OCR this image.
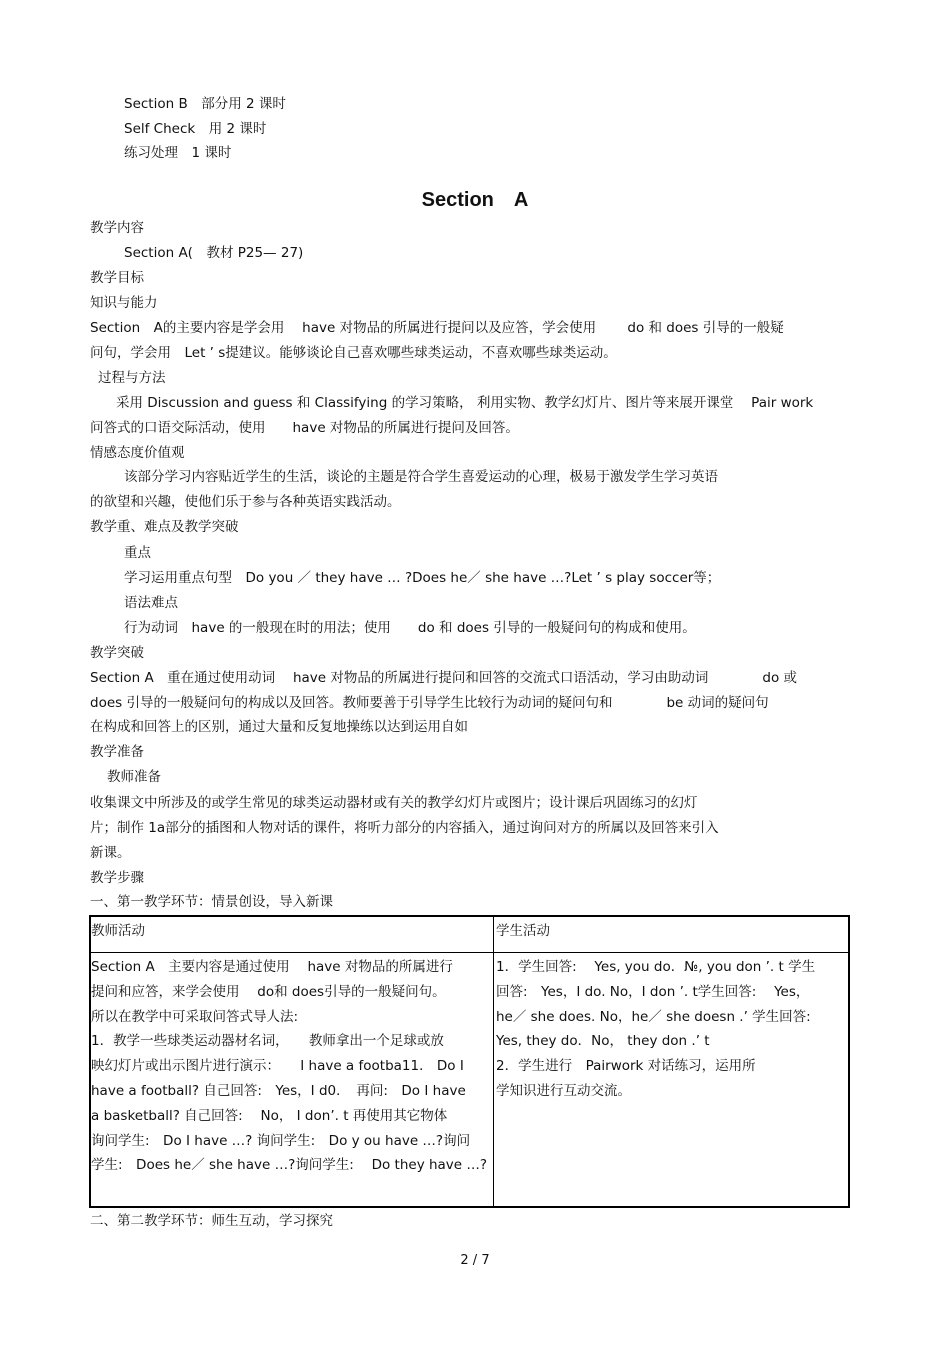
Section B　部分用 2 课时
Self Check　用 2 课时
练习处理　1 课时
Section　A
教学内容
Section A(　教材 P25— 27)
教学目标
知识与能力
Section　A的主要内容是学会用　 have 对物品的所属进行提问以及应答，学会使用　　 do 和 does 引导的一般疑
问句，学会用　Let ’ s提建议。能够谈论自己喜欢哪些球类运动，不喜欢哪些球类运动。
过程与方法
采用 Discussion and guess 和 Classifying 的学习策略， 利用实物、教学幻灯片、图片等来展开课堂　 Pair work
问答式的口语交际活动，使用　　have 对物品的所属进行提问及回答。
情感态度价值观
该部分学习内容贴近学生的生活，谈论的主题是符合学生喜爱运动的心理，极易于激发学生学习英语
的欲望和兴趣，使他们乐于参与各种英语实践活动。
教学重、难点及教学突破
重点
学习运用重点句型　Do you ／ they have … ?Does he／ she have …?Let ’ s play soccer等；
语法难点
行为动词　have 的一般现在时的用法；使用　　do 和 does 引导的一般疑问句的构成和使用。
教学突破
Section A　重在通过使用动词　 have 对物品的所属进行提问和回答的交流式口语活动，学习由助动词　　　　do 或
does 引导的一般疑问句的构成以及回答。教师要善于引导学生比较行为动词的疑问句和　　　　be 动词的疑问句
在构成和回答上的区别，通过大量和反复地操练以达到运用自如
教学准备
教师准备
收集课文中所涉及的或学生常见的球类运动器材或有关的教学幻灯片或图片；设计课后巩固练习的幻灯
片；制作 1a部分的插图和人物对话的课件，将听力部分的内容插入，通过询问对方的所属以及回答来引入
新课。
教学步骤
一、第一教学环节：情景创设，导入新课
教师活动	学生活动
Section A　主要内容是通过使用　 have 对物品的所属进行
提问和应答，来学会使用　 do和 does引导的一般疑问句。
所以在教学中可采取问答式导人法:
1．教学一些球类运动器材名词，　　教师拿出一个足球或放
映幻灯片或出示图片进行演示：　　I have a footba11． Do I
have a football? 自己回答:　Yes，I d0．　再问:　Do I have
a basketball? 自己回答:　 No， I don’. t 再使用其它物体
询问学生:　Do I have …? 询问学生:　Do y ou have …?询问
学生:　Does he／ she have …?询问学生:　 Do they have …?
1．学生回答:　 Yes, you do．№, you don ’. t 学生
回答:　Yes，I do. No，I don ’. t学生回答:　 Yes，
he／ she does. No，he／ she doesn .’ 学生回答:
Yes, they do．No， they don .’ t
2．学生进行　Pairwork 对话练习，运用所
学知识进行互动交流。
二、第二教学环节：师生互动，学习探究
2 / 7
